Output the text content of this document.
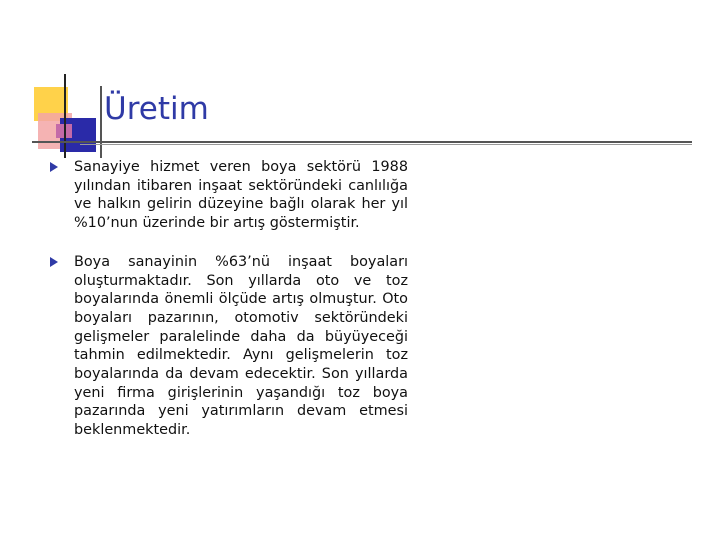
Üretim
Sanayiye hizmet veren boya sektörü 1988 yılından itibaren inşaat sektöründeki canlılığa ve halkın gelirin düzeyine bağlı olarak her yıl %10’nun üzerinde bir artış göstermiştir.
Boya sanayinin %63’nü inşaat boyaları oluşturmaktadır. Son yıllarda oto ve toz boyalarında önemli ölçüde artış olmuştur. Oto boyaları pazarının, otomotiv sektöründeki gelişmeler paralelinde daha da büyüyeceği tahmin edilmektedir. Aynı gelişmelerin toz boyalarında da devam edecektir. Son yıllarda yeni firma girişlerinin yaşandığı toz boya pazarında yeni yatırımların devam etmesi beklenmektedir.
